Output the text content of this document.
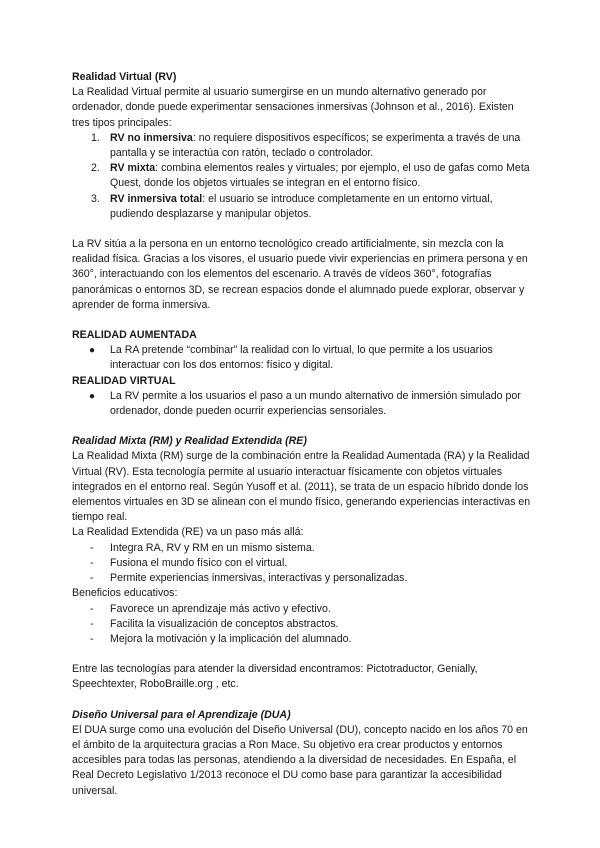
Realidad Virtual (RV)

La Realidad Virtual permite al usuario sumergirse en un mundo alternativo generado por ordenador, donde puede experimentar sensaciones inmersivas (Johnson et al., 2016). Existen tres tipos principales:

1. RV no inmersiva: no requiere dispositivos específicos; se experimenta a través de una pantalla y se interactúa con ratón, teclado o controlador.
2. RV mixta: combina elementos reales y virtuales; por ejemplo, el uso de gafas como Meta Quest, donde los objetos virtuales se integran en el entorno físico.
3. RV inmersiva total: el usuario se introduce completamente en un entorno virtual, pudiendo desplazarse y manipular objetos.

La RV sitúa a la persona en un entorno tecnológico creado artificialmente, sin mezcla con la realidad física. Gracias a los visores, el usuario puede vivir experiencias en primera persona y en 360°, interactuando con los elementos del escenario. A través de vídeos 360°, fotografías panorámicas o entornos 3D, se recrean espacios donde el alumnado puede explorar, observar y aprender de forma inmersiva.

REALIDAD AUMENTADA

● La RA pretende “combinar” la realidad con lo virtual, lo que permite a los usuarios interactuar con los dos entornos: físico y digital.

REALIDAD VIRTUAL

● La RV permite a los usuarios el paso a un mundo alternativo de inmersión simulado por ordenador, donde pueden ocurrir experiencias sensoriales.

Realidad Mixta (RM) y Realidad Extendida (RE)

La Realidad Mixta (RM) surge de la combinación entre la Realidad Aumentada (RA) y la Realidad Virtual (RV). Esta tecnología permite al usuario interactuar físicamente con objetos virtuales integrados en el entorno real. Según Yusoff et al. (2011), se trata de un espacio híbrido donde los elementos virtuales en 3D se alinean con el mundo físico, generando experiencias interactivas en tiempo real.

La Realidad Extendida (RE) va un paso más allá:

- Integra RA, RV y RM en un mismo sistema.
- Fusiona el mundo físico con el virtual.
- Permite experiencias inmersivas, interactivas y personalizadas.

Beneficios educativos:

- Favorece un aprendizaje más activo y efectivo.
- Facilita la visualización de conceptos abstractos.
- Mejora la motivación y la implicación del alumnado.

Entre las tecnologías para atender la diversidad encontramos: Pictotraductor, Genially, Speechtexter, RoboBraille.org , etc.

Diseño Universal para el Aprendizaje (DUA)

El DUA surge como una evolución del Diseño Universal (DU), concepto nacido en los años 70 en el ámbito de la arquitectura gracias a Ron Mace. Su objetivo era crear productos y entornos accesibles para todas las personas, atendiendo a la diversidad de necesidades. En España, el Real Decreto Legislativo 1/2013 reconoce el DU como base para garantizar la accesibilidad universal.
